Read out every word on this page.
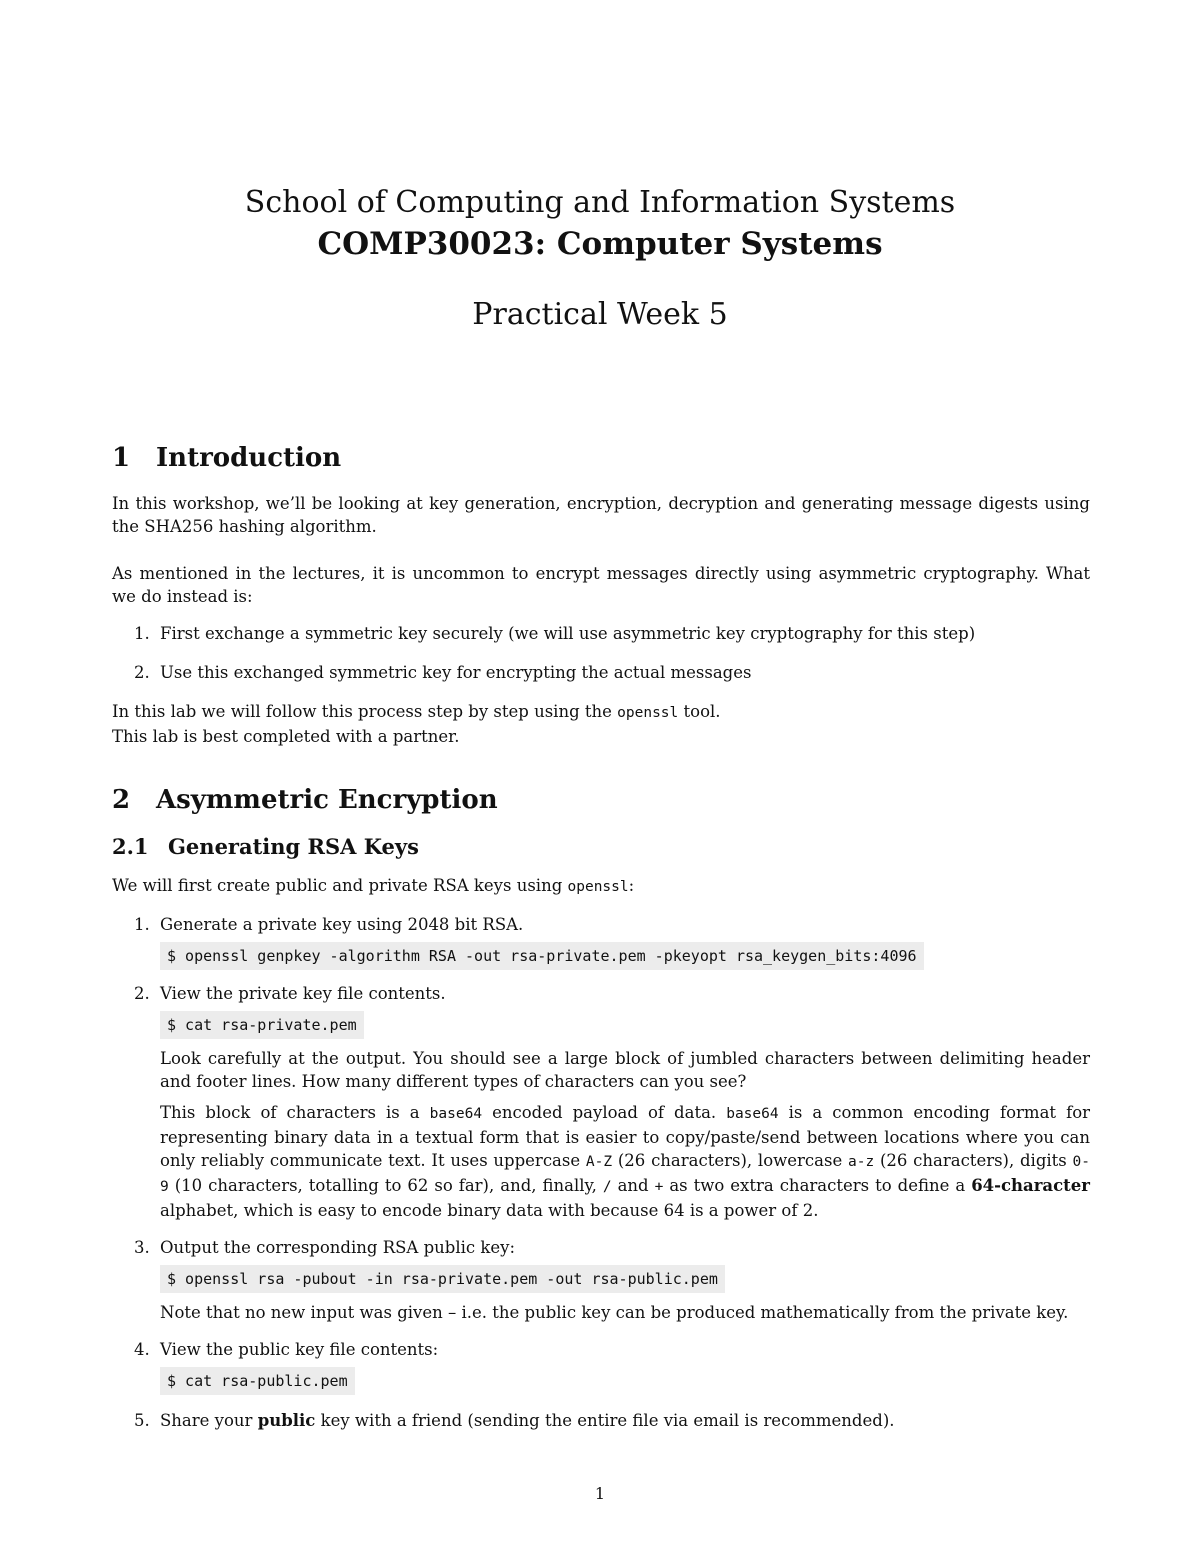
School of Computing and Information Systems
COMP30023: Computer Systems
Practical Week 5
1 Introduction

In this workshop, we’ll be looking at key generation, encryption, decryption and generating message digests using the SHA256 hashing algorithm.

As mentioned in the lectures, it is uncommon to encrypt messages directly using asymmetric cryptography. What we do instead is:

1. First exchange a symmetric key securely (we will use asymmetric key cryptography for this step)
2. Use this exchanged symmetric key for encrypting the actual messages

In this lab we will follow this process step by step using the openssl tool.

This lab is best completed with a partner.

2 Asymmetric Encryption
2.1 Generating RSA Keys

We will first create public and private RSA keys using openssl:

1. Generate a private key using 2048 bit RSA.
$ openssl genpkey -algorithm RSA -out rsa-private.pem -pkeyopt rsa_keygen_bits:4096
2. View the private key file contents.
$ cat rsa-private.pem

Look carefully at the output. You should see a large block of jumbled characters between delimiting header and footer lines. How many different types of characters can you see?

This block of characters is a base64 encoded payload of data. base64 is a common encoding format for representing binary data in a textual form that is easier to copy/paste/send between locations where you can only reliably communicate text. It uses uppercase A-Z (26 characters), lowercase a-z (26 characters), digits 0-9 (10 characters, totalling to 62 so far), and, finally, / and + as two extra characters to define a 64-character alphabet, which is easy to encode binary data with because 64 is a power of 2.

3. Output the corresponding RSA public key:
$ openssl rsa -pubout -in rsa-private.pem -out rsa-public.pem

Note that no new input was given – i.e. the public key can be produced mathematically from the private key.

4. View the public key file contents:
$ cat rsa-public.pem
5. Share your public key with a friend (sending the entire file via email is recommended).
1
